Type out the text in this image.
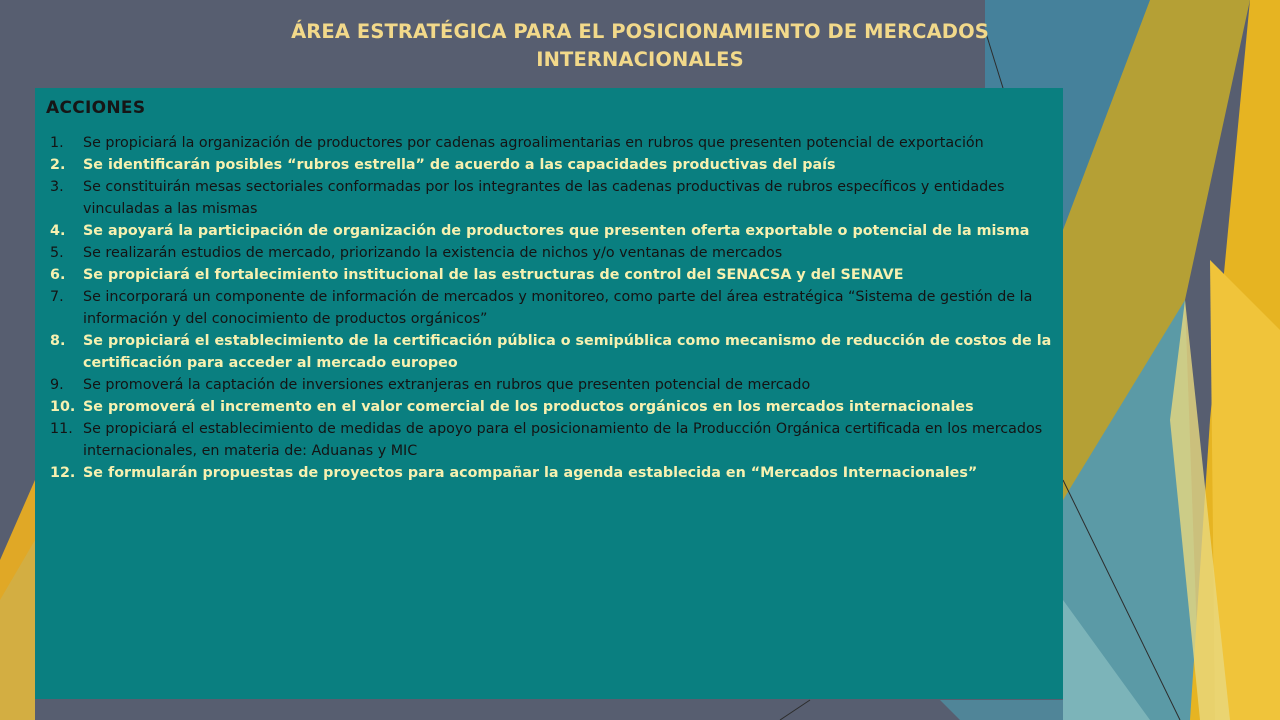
ÁREA ESTRATÉGICA PARA EL POSICIONAMIENTO DE MERCADOS INTERNACIONALES
ACCIONES
1. Se propiciará la organización de productores por cadenas agroalimentarias en rubros que presenten potencial de exportación
2. Se identificarán posibles “rubros estrella” de acuerdo a las capacidades productivas del país
3. Se constituirán mesas sectoriales conformadas por los integrantes de las cadenas productivas de rubros específicos y entidades vinculadas a las mismas
4. Se apoyará la participación de organización de productores que presenten oferta exportable o potencial de la misma
5. Se realizarán estudios de mercado, priorizando la existencia de nichos y/o ventanas de mercados
6. Se propiciará el fortalecimiento institucional de las estructuras de control del SENACSA y del SENAVE
7. Se incorporará un componente de información de mercados y monitoreo, como parte del área estratégica “Sistema de gestión de la información y del conocimiento de productos orgánicos”
8. Se propiciará el establecimiento de la certificación pública o semipública como mecanismo de reducción de costos de la certificación para acceder al mercado europeo
9. Se promoverá la captación de inversiones extranjeras en rubros que presenten potencial de mercado
10. Se promoverá el incremento en el valor comercial de los productos orgánicos en los mercados internacionales
11. Se propiciará el establecimiento de medidas de apoyo para el posicionamiento de la Producción Orgánica certificada en los mercados internacionales, en materia de: Aduanas y MIC
12. Se formularán propuestas de proyectos para acompañar la agenda establecida en “Mercados Internacionales”
